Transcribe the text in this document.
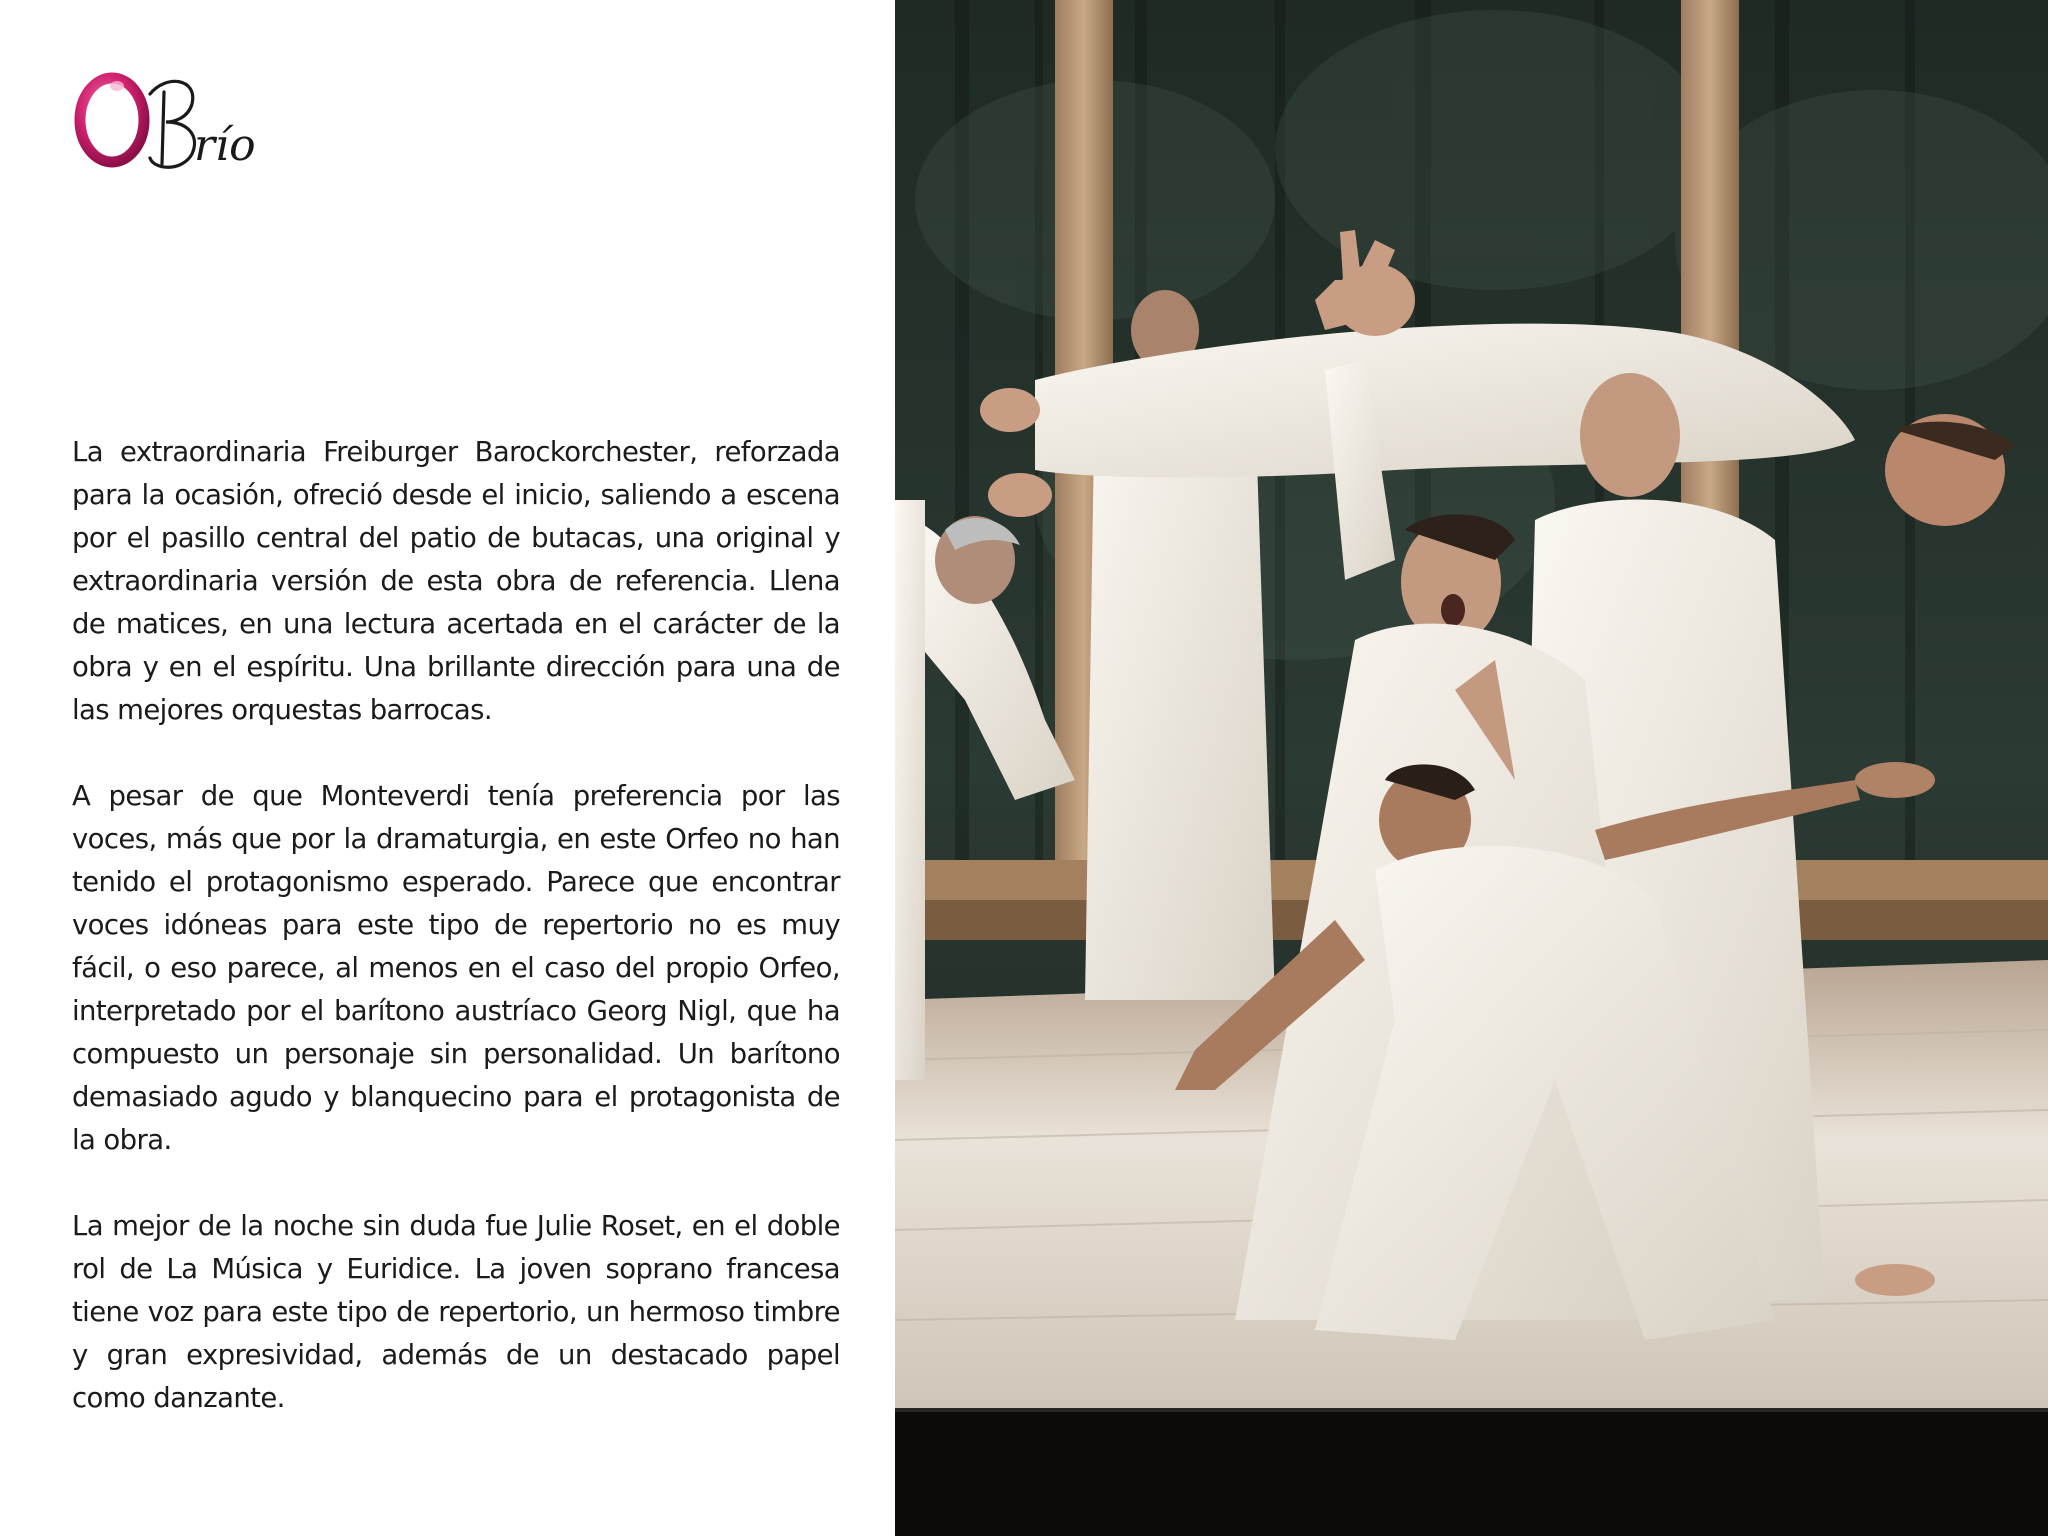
río

La extraordinaria Freiburger Barockorchester, reforzada para la ocasión, ofreció desde el inicio, saliendo a escena por el pasillo central del patio de butacas, una original y extraordinaria versión de esta obra de referencia. Llena de matices, en una lectura acertada en el carácter de la obra y en el espíritu. Una brillante dirección para una de las mejores orquestas barrocas.

A pesar de que Monteverdi tenía preferencia por las voces, más que por la dramaturgia, en este Orfeo no han tenido el protagonismo esperado. Parece que encontrar voces idóneas para este tipo de repertorio no es muy fácil, o eso parece, al menos en el caso del propio Orfeo, interpretado por el barítono austríaco Georg Nigl, que ha compuesto un personaje sin personalidad. Un barítono demasiado agudo y blanquecino para el protagonista de la obra.

La mejor de la noche sin duda fue Julie Roset, en el doble rol de La Música y Euridice. La joven soprano francesa tiene voz para este tipo de repertorio, un hermoso timbre y gran expresividad, además de un destacado papel como danzante.
